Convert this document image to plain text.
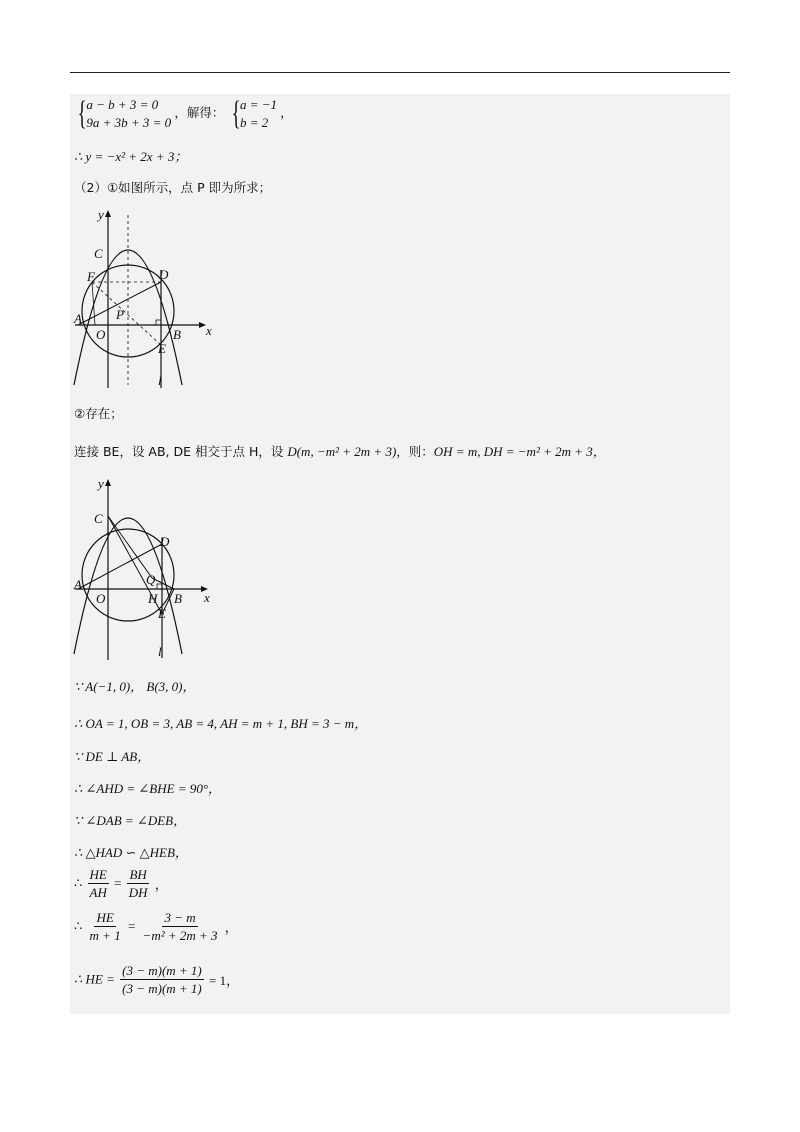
{ a − b + 3 = 0
9a + 3b + 3 = 0
，解得： { a = −1
b = 2
，
∴ y = −x² + 2x + 3；
（2）①如图所示，点 P 即为所求；
y
x
C
F	D
A
O
P
B
E
l
②存在；
连接 BE，设 AB, DE 相交于点 H，设 D(m, −m² + 2m + 3)，则：OH = m, DH = −m² + 2m + 3，
y
x
C
D
Q
A
O	H B
E
l
∵ A(−1, 0)， B(3, 0)，
∴ OA = 1, OB = 3, AB = 4, AH = m + 1, BH = 3 − m，
∵ DE ⊥ AB，
∴ ∠AHD = ∠BHE = 90°，
∵ ∠DAB = ∠DEB，
∴ △HAD ∽ △HEB，
∴ $\frac{HE}{AH} = \frac{BH}{DH}$ ，
∴ $\frac{HE}{m + 1} = \frac{3 - m}{\text{−m² + 2m + 3}}$ ，
∴ HE = $\frac{(3 - m)(m + 1)}{(3 - m)(m + 1)} = 1$，
